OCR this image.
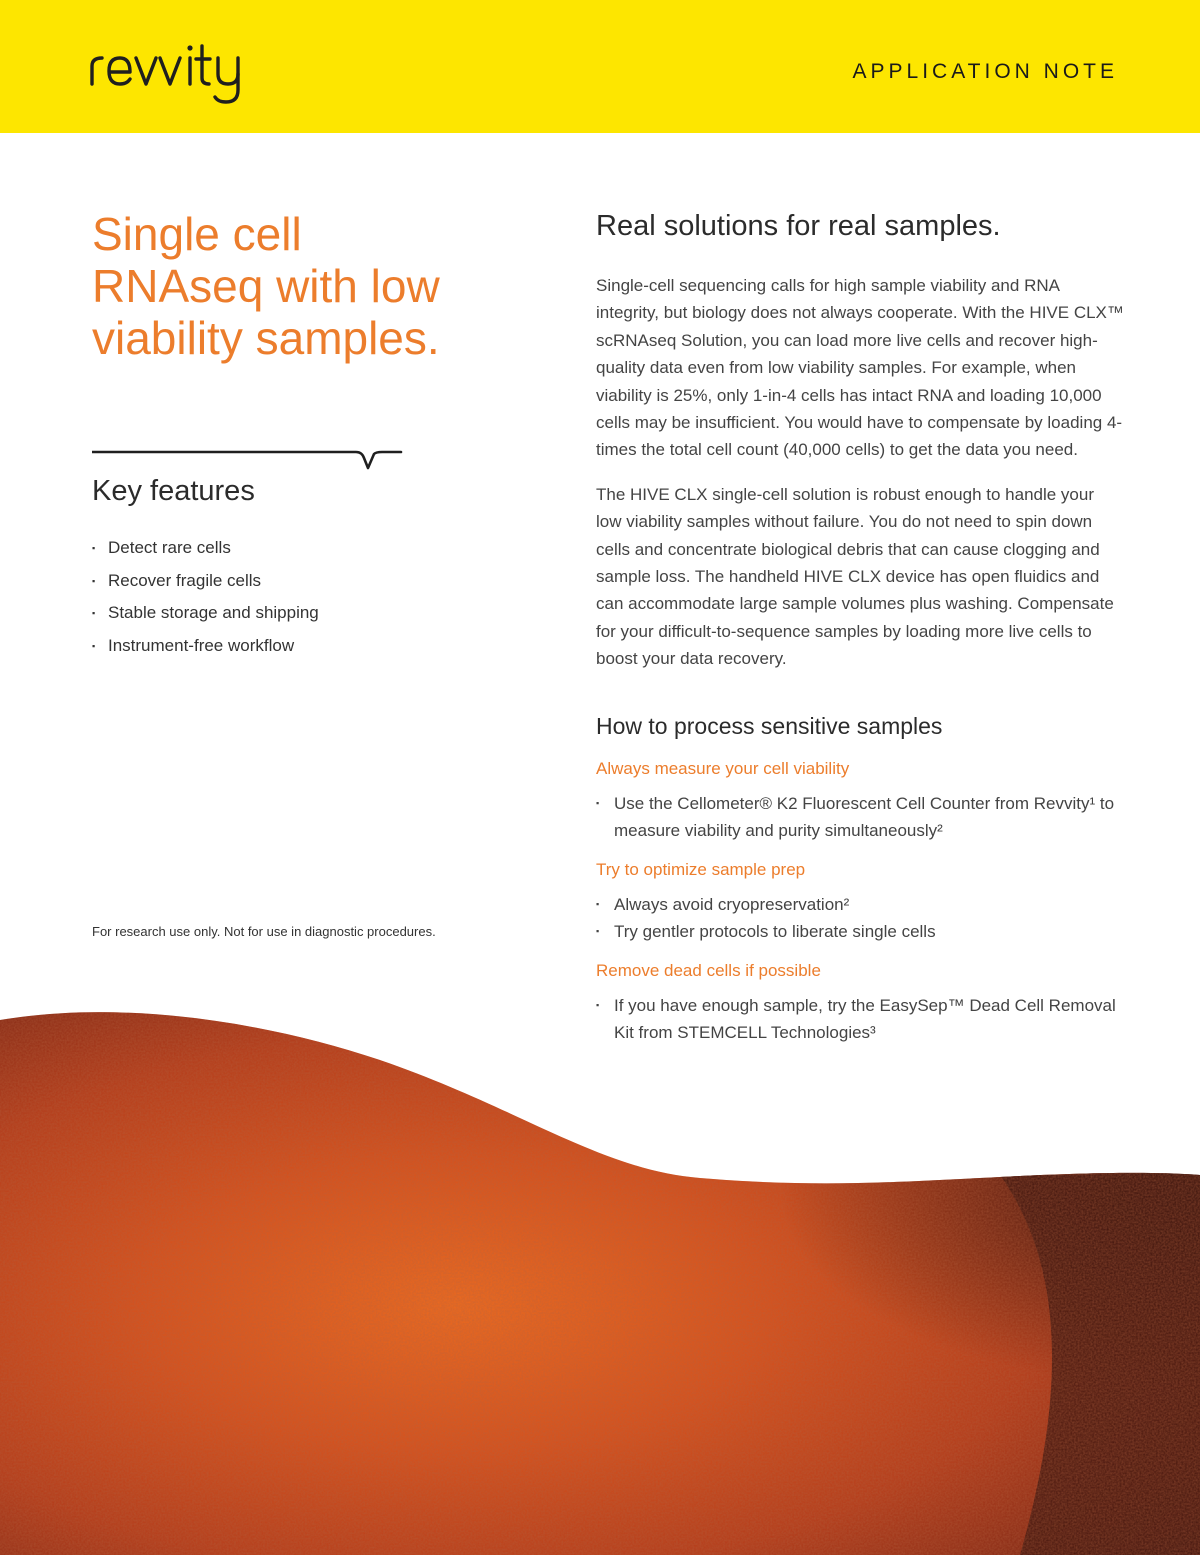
APPLICATION NOTE
Single cell
RNAseq with low
viability samples.
Key features
▪ Detect rare cells
▪ Recover fragile cells
▪ Stable storage and shipping
▪ Instrument-free workflow
For research use only. Not for use in diagnostic procedures.
Real solutions for real samples.

Single-cell sequencing calls for high sample viability and RNA integrity, but biology does not always cooperate. With the HIVE CLX™ scRNAseq Solution, you can load more live cells and recover high-quality data even from low viability samples. For example, when viability is 25%, only 1-in-4 cells has intact RNA and loading 10,000 cells may be insufficient. You would have to compensate by loading 4-times the total cell count (40,000 cells) to get the data you need.

The HIVE CLX single-cell solution is robust enough to handle your low viability samples without failure. You do not need to spin down cells and concentrate biological debris that can cause clogging and sample loss. The handheld HIVE CLX device has open fluidics and can accommodate large sample volumes plus washing. Compensate for your difficult-to-sequence samples by loading more live cells to boost your data recovery.

How to process sensitive samples
Always measure your cell viability
▪ Use the Cellometer® K2 Fluorescent Cell Counter from Revvity¹ to measure viability and purity simultaneously²
Try to optimize sample prep
▪ Always avoid cryopreservation²
▪ Try gentler protocols to liberate single cells
Remove dead cells if possible
▪ If you have enough sample, try the EasySep™ Dead Cell Removal Kit from STEMCELL Technologies³
